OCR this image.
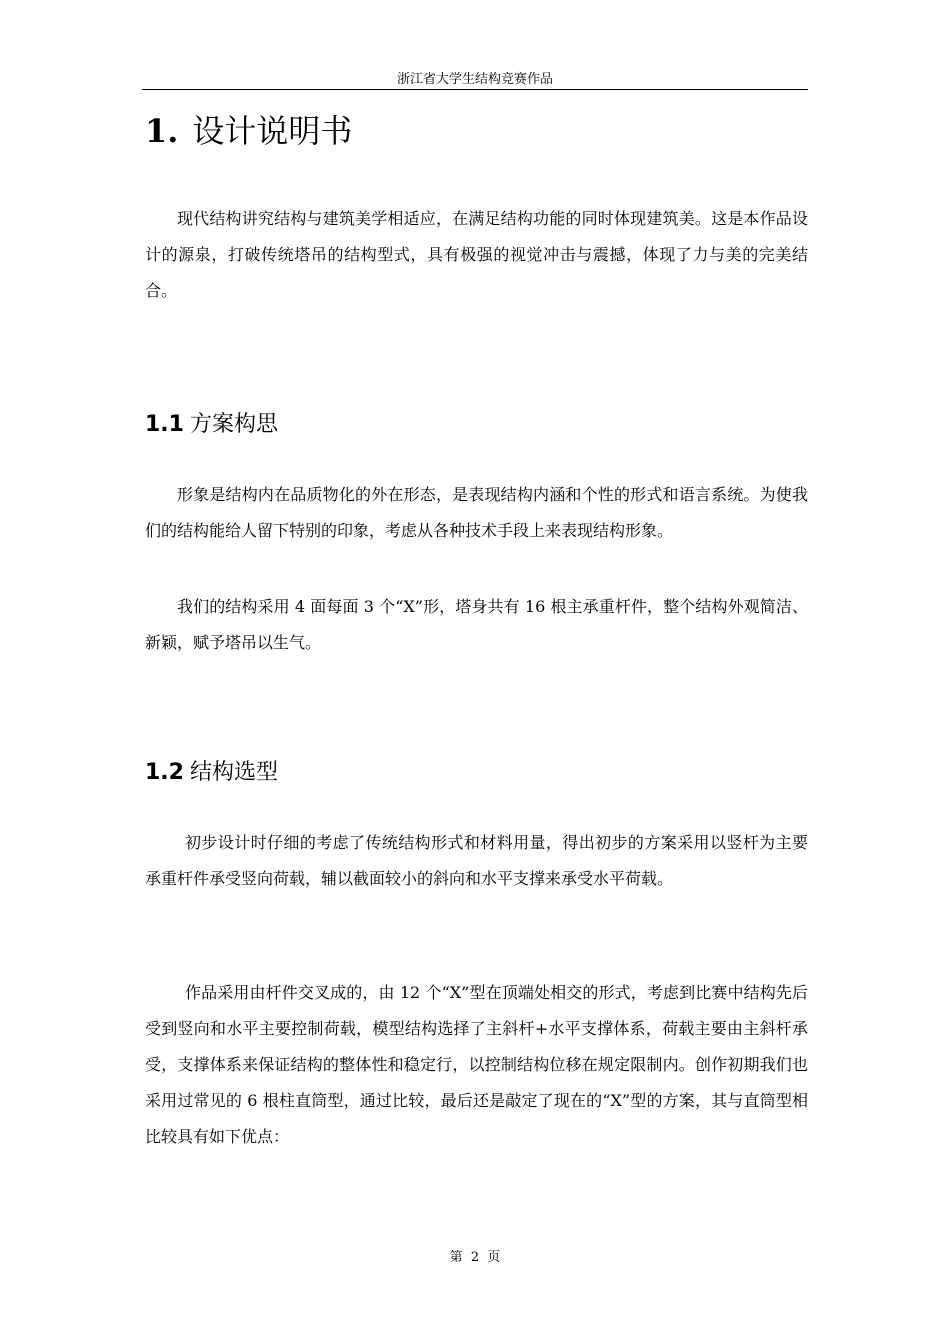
浙江省大学生结构竞赛作品
1. 设计说明书

现代结构讲究结构与建筑美学相适应，在满足结构功能的同时体现建筑美。这是本作品设计的源泉，打破传统塔吊的结构型式，具有极强的视觉冲击与震撼，体现了力与美的完美结合。

1.1 方案构思

形象是结构内在品质物化的外在形态，是表现结构内涵和个性的形式和语言系统。为使我们的结构能给人留下特别的印象，考虑从各种技术手段上来表现结构形象。

我们的结构采用 4 面每面 3 个“X”形，塔身共有 16 根主承重杆件，整个结构外观简洁、新颖，赋予塔吊以生气。

1.2 结构选型

初步设计时仔细的考虑了传统结构形式和材料用量，得出初步的方案采用以竖杆为主要承重杆件承受竖向荷载，辅以截面较小的斜向和水平支撑来承受水平荷载。

作品采用由杆件交叉成的，由 12 个“X”型在顶端处相交的形式，考虑到比赛中结构先后受到竖向和水平主要控制荷载，模型结构选择了主斜杆+水平支撑体系，荷载主要由主斜杆承受，支撑体系来保证结构的整体性和稳定行，以控制结构位移在规定限制内。创作初期我们也采用过常见的 6 根柱直筒型，通过比较，最后还是敲定了现在的“X”型的方案，其与直筒型相比较具有如下优点：

第  2  页
